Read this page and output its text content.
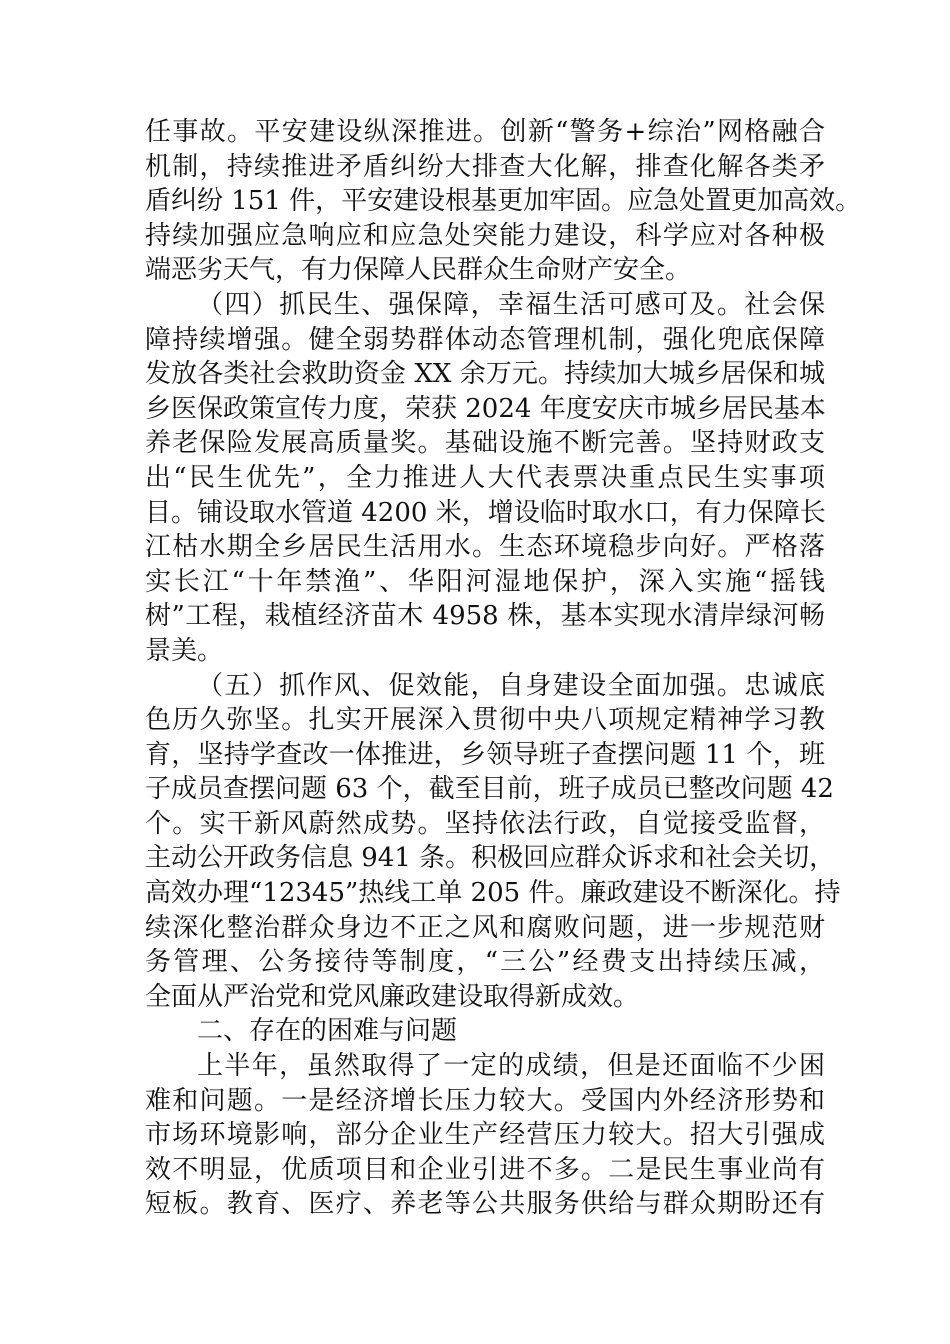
任事故。平安建设纵深推进。创新“警务+综治”网格融合
机制，持续推进矛盾纠纷大排查大化解，排查化解各类矛
盾纠纷 151 件，平安建设根基更加牢固。应急处置更加高效。
持续加强应急响应和应急处突能力建设，科学应对各种极
端恶劣天气，有力保障人民群众生命财产安全。
（四）抓民生、强保障，幸福生活可感可及。社会保
障持续增强。健全弱势群体动态管理机制，强化兜底保障
发放各类社会救助资金 XX 余万元。持续加大城乡居保和城
乡医保政策宣传力度，荣获 2024 年度安庆市城乡居民基本
养老保险发展高质量奖。基础设施不断完善。坚持财政支
出“民生优先”，全力推进人大代表票决重点民生实事项
目。铺设取水管道 4200 米，增设临时取水口，有力保障长
江枯水期全乡居民生活用水。生态环境稳步向好。严格落
实长江“十年禁渔”、华阳河湿地保护，深入实施“摇钱
树”工程，栽植经济苗木 4958 株，基本实现水清岸绿河畅
景美。
（五）抓作风、促效能，自身建设全面加强。忠诚底
色历久弥坚。扎实开展深入贯彻中央八项规定精神学习教
育，坚持学查改一体推进，乡领导班子查摆问题 11 个，班
子成员查摆问题 63 个，截至目前，班子成员已整改问题 42
个。实干新风蔚然成势。坚持依法行政，自觉接受监督，
主动公开政务信息 941 条。积极回应群众诉求和社会关切，
高效办理“12345”热线工单 205 件。廉政建设不断深化。持
续深化整治群众身边不正之风和腐败问题，进一步规范财
务管理、公务接待等制度，“三公”经费支出持续压减，
全面从严治党和党风廉政建设取得新成效。
二、存在的困难与问题
上半年，虽然取得了一定的成绩，但是还面临不少困
难和问题。一是经济增长压力较大。受国内外经济形势和
市场环境影响，部分企业生产经营压力较大。招大引强成
效不明显，优质项目和企业引进不多。二是民生事业尚有
短板。教育、医疗、养老等公共服务供给与群众期盼还有
